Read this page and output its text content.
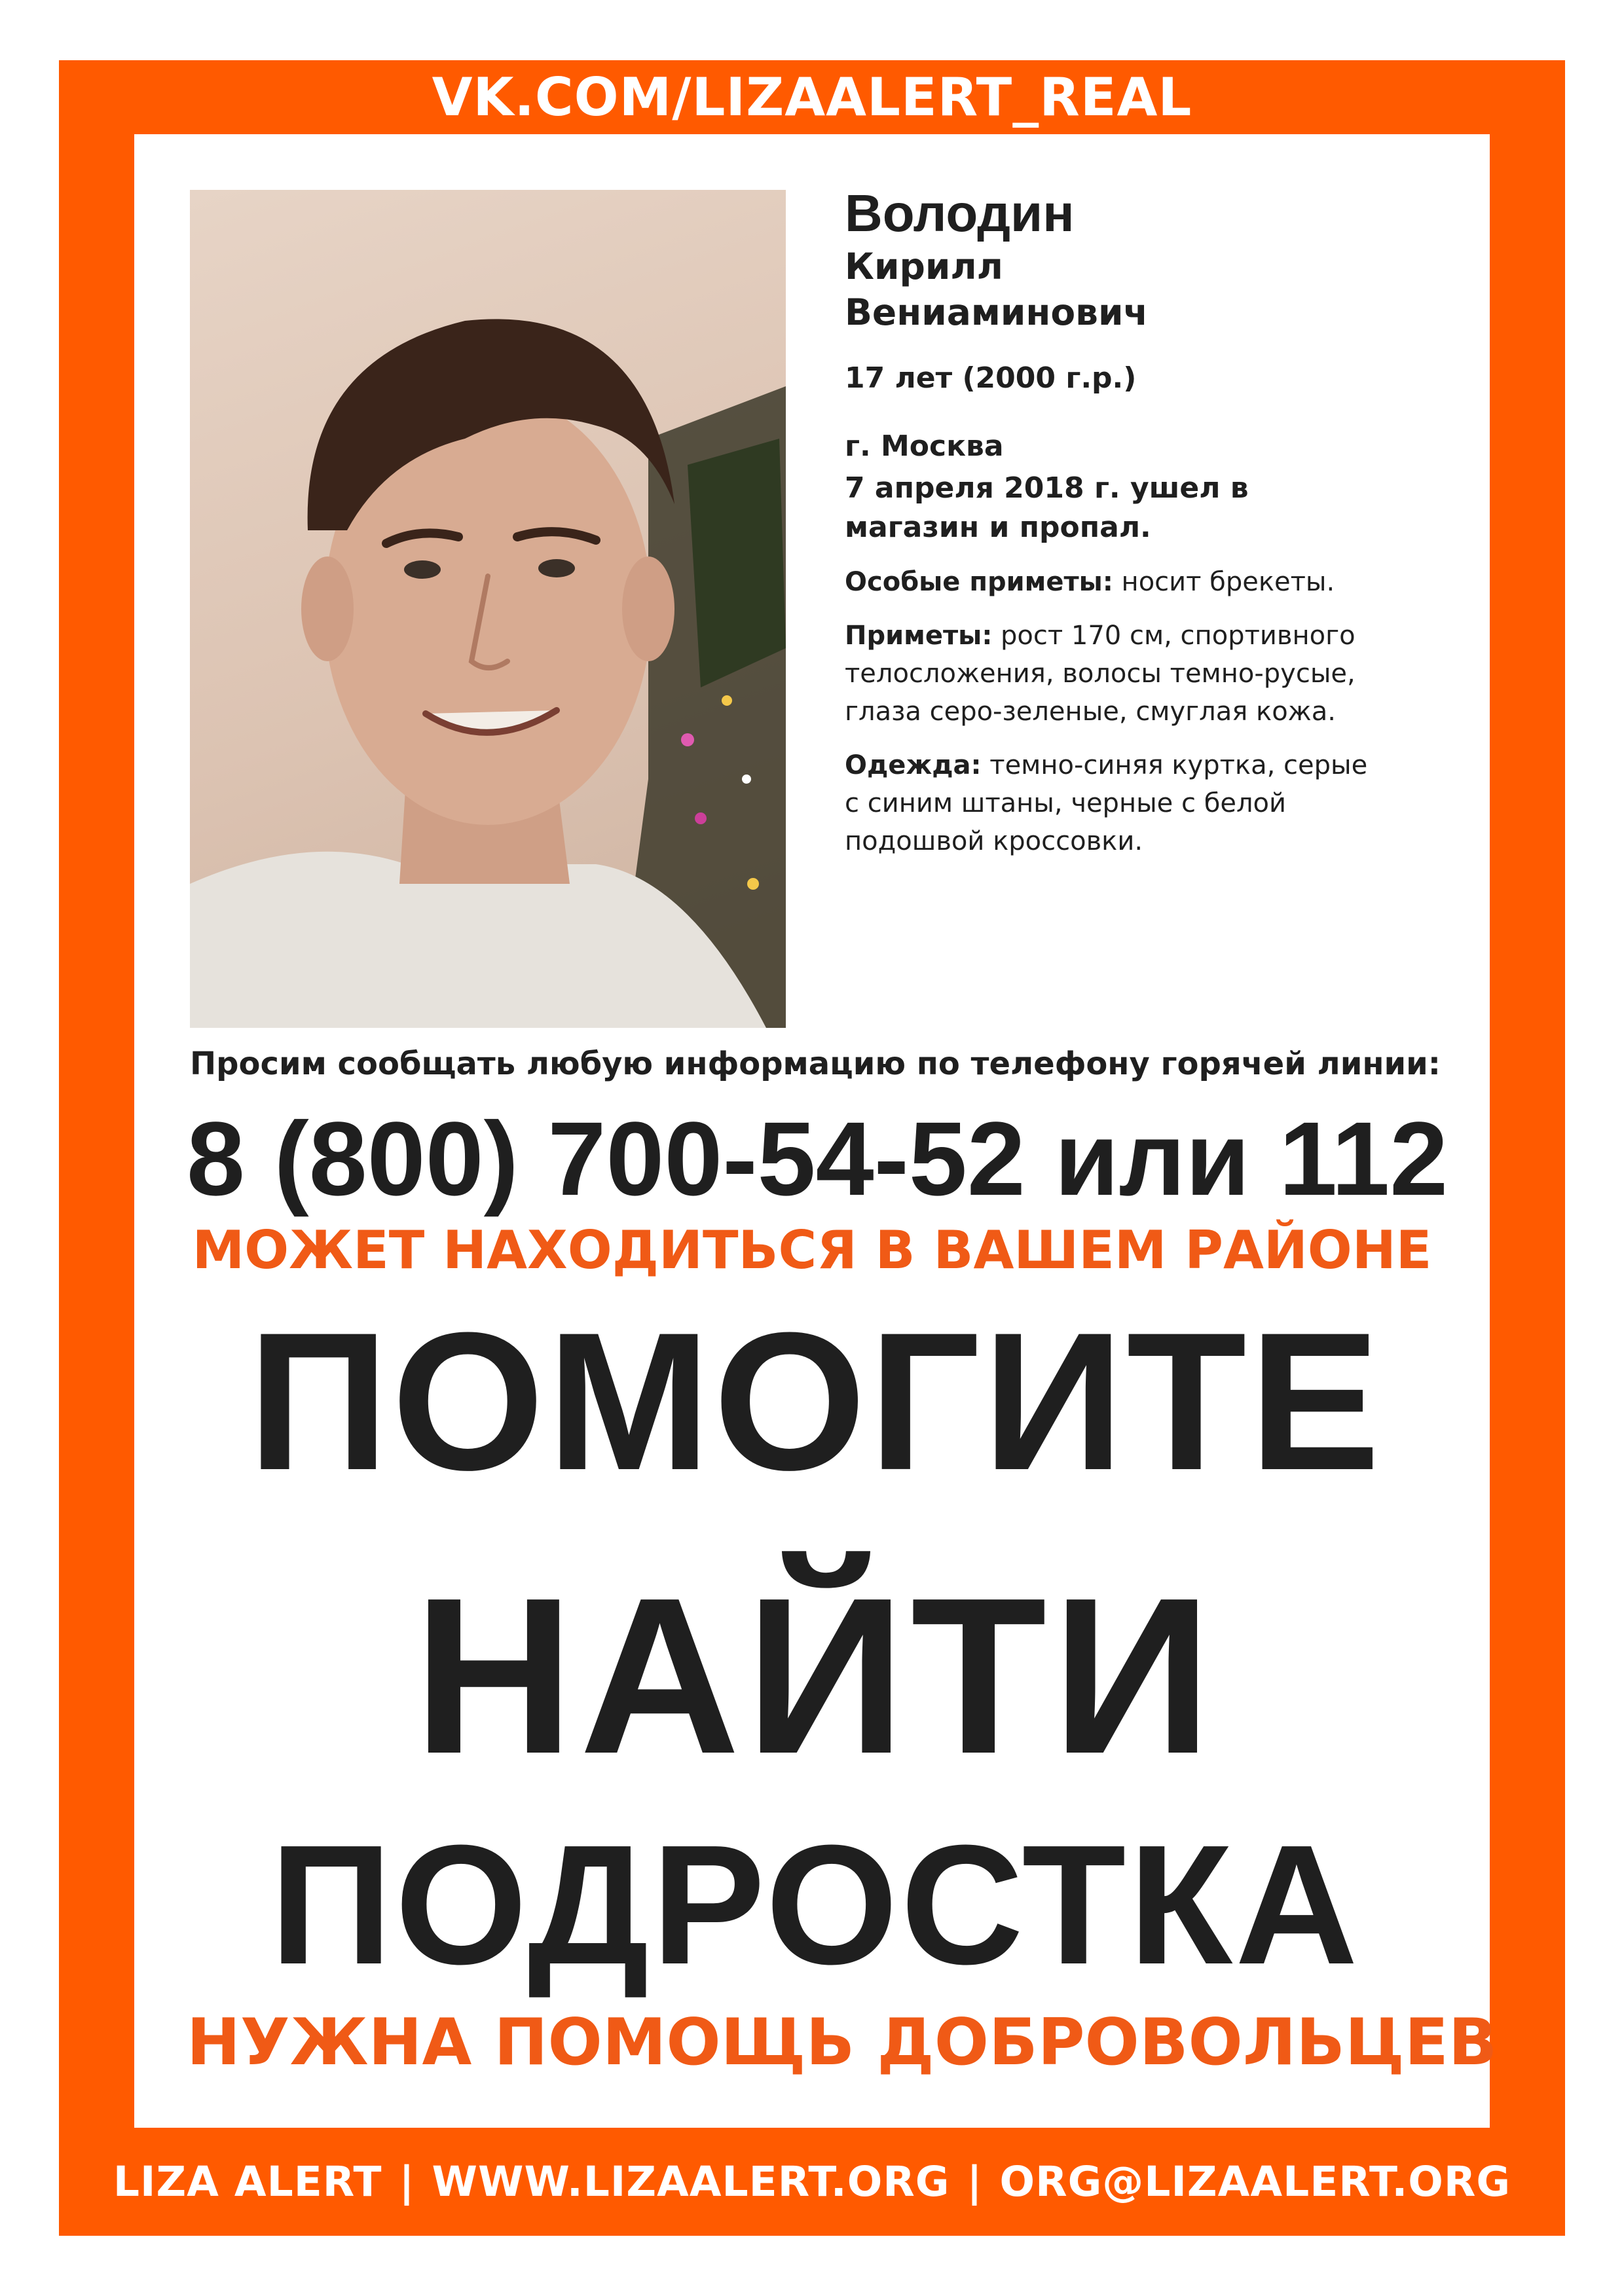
VK.COM/LIZAALERT_REAL

Володин

Кирилл

Вениаминович

17 лет (2000 г.р.)
г. Москва
7 апреля 2018 г. ушел в
магазин и пропал.
Особые приметы: носит брекеты.
Приметы: рост 170 см, спортивного
телосложения, волосы темно-русые,
глаза серо-зеленые, смуглая кожа.
Одежда: темно-синяя куртка, серые
с синим штаны, черные с белой
подошвой кроссовки.
Просим сообщать любую информацию по телефону горячей линии:
8 (800) 700-54-52 или 112
МОЖЕТ НАХОДИТЬСЯ В ВАШЕМ РАЙОНЕ
ПОМОГИТЕ
НАЙТИ
ПОДРОСТКА
НУЖНА ПОМОЩЬ ДОБРОВОЛЬЦЕВ
LIZA ALERT | WWW.LIZAALERT.ORG | ORG@LIZAALERT.ORG
